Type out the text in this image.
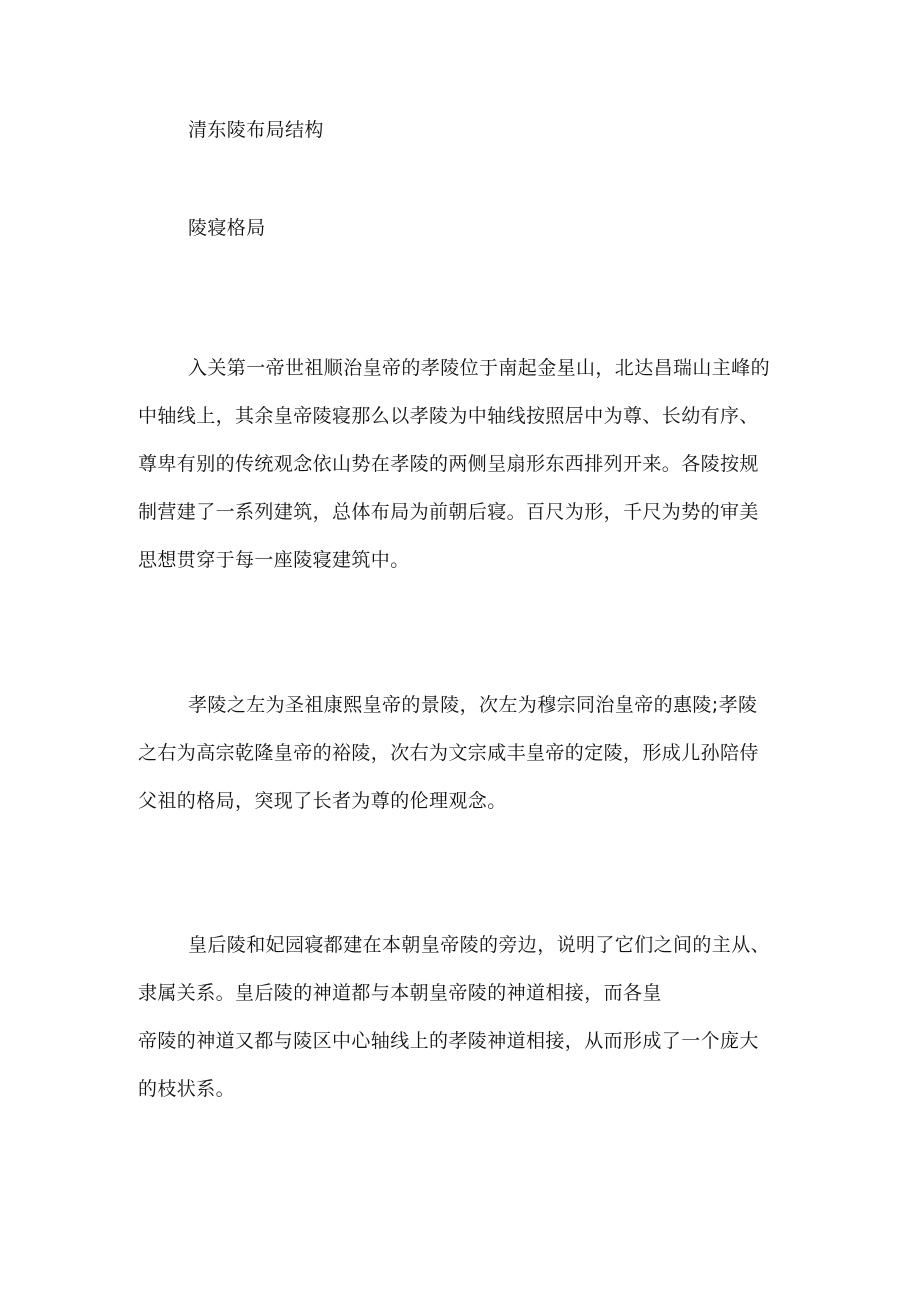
清东陵布局结构
陵寝格局
入关第一帝世祖顺治皇帝的孝陵位于南起金星山，北达昌瑞山主峰的
中轴线上，其余皇帝陵寝那么以孝陵为中轴线按照居中为尊、长幼有序、
尊卑有别的传统观念依山势在孝陵的两侧呈扇形东西排列开来。各陵按规
制营建了一系列建筑，总体布局为前朝后寝。百尺为形，千尺为势的审美
思想贯穿于每一座陵寝建筑中。
孝陵之左为圣祖康熙皇帝的景陵，次左为穆宗同治皇帝的惠陵;孝陵
之右为高宗乾隆皇帝的裕陵，次右为文宗咸丰皇帝的定陵，形成儿孙陪侍
父祖的格局，突现了长者为尊的伦理观念。
皇后陵和妃园寝都建在本朝皇帝陵的旁边，说明了它们之间的主从、
隶属关系。皇后陵的神道都与本朝皇帝陵的神道相接，而各皇
帝陵的神道又都与陵区中心轴线上的孝陵神道相接，从而形成了一个庞大
的枝状系。
